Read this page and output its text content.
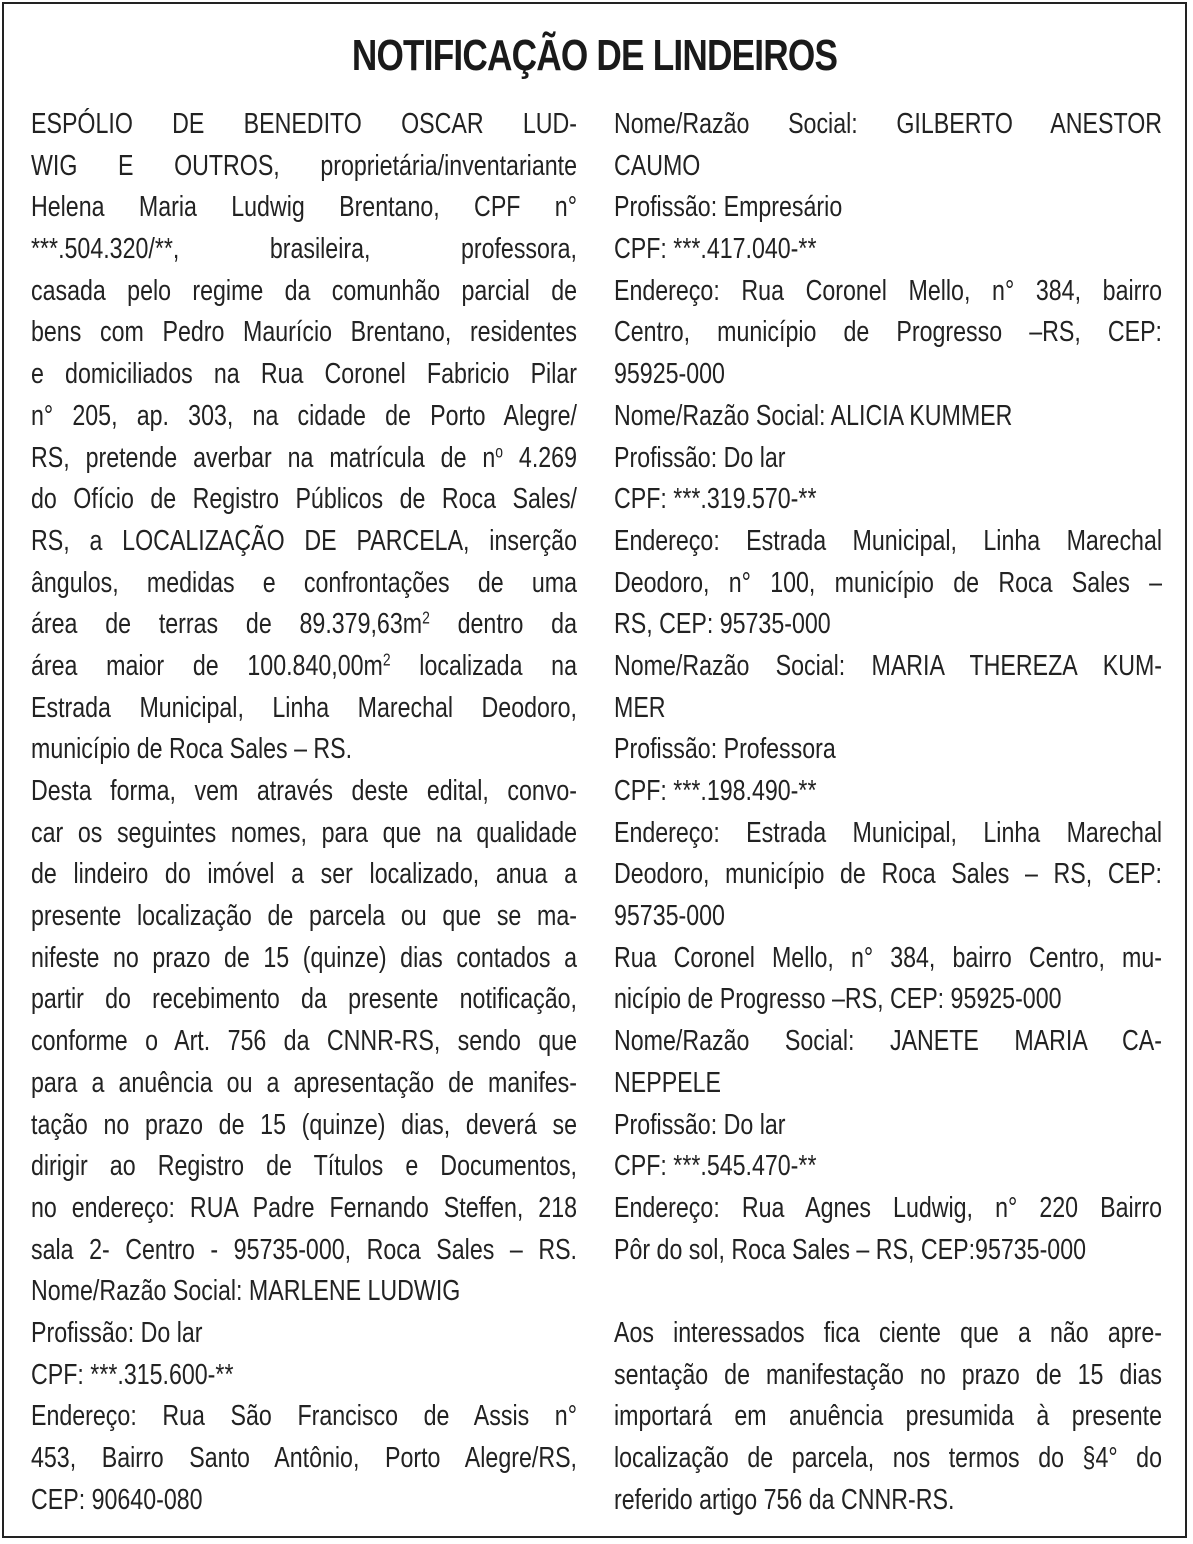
NOTIFICAÇÃO DE LINDEIROS
ESPÓLIO DE BENEDITO OSCAR LUD-
WIG E OUTROS, proprietária/inventariante
Helena Maria Ludwig Brentano, CPF n°
***.504.320/**, brasileira, professora,
casada pelo regime da comunhão parcial de
bens com Pedro Maurício Brentano, residentes
e domiciliados na Rua Coronel Fabricio Pilar
n° 205, ap. 303, na cidade de Porto Alegre/
RS, pretende averbar na matrícula de $n^o$ 4.269
do Ofício de Registro Públicos de Roca Sales/
RS, a LOCALIZAÇÃO DE PARCELA, inserção
ângulos, medidas e confrontações de uma
área de terras de $89.379,63m^2$ dentro da
área maior de $100.840,00m^2$ localizada na
Estrada Municipal, Linha Marechal Deodoro,
município de Roca Sales – RS.
Desta forma, vem através deste edital, convo-
car os seguintes nomes, para que na qualidade
de lindeiro do imóvel a ser localizado, anua a
presente localização de parcela ou que se ma-
nifeste no prazo de 15 (quinze) dias contados a
partir do recebimento da presente notificação,
conforme o Art. 756 da CNNR-RS, sendo que
para a anuência ou a apresentação de manifes-
tação no prazo de 15 (quinze) dias, deverá se
dirigir ao Registro de Títulos e Documentos,
no endereço: RUA Padre Fernando Steffen, 218
sala 2- Centro - 95735-000, Roca Sales – RS.
Nome/Razão Social: MARLENE LUDWIG
Profissão: Do lar
CPF: ***.315.600-**
Endereço: Rua São Francisco de Assis n°
453, Bairro Santo Antônio, Porto Alegre/RS,
CEP: 90640-080
Nome/Razão Social: GILBERTO ANESTOR
CAUMO
Profissão: Empresário
CPF: ***.417.040-**
Endereço: Rua Coronel Mello, n° 384, bairro
Centro, município de Progresso –RS, CEP:
95925-000
Nome/Razão Social: ALICIA KUMMER
Profissão: Do lar
CPF: ***.319.570-**
Endereço: Estrada Municipal, Linha Marechal
Deodoro, n° 100, município de Roca Sales –
RS, CEP: 95735-000
Nome/Razão Social: MARIA THEREZA KUM-
MER
Profissão: Professora
CPF: ***.198.490-**
Endereço: Estrada Municipal, Linha Marechal
Deodoro, município de Roca Sales – RS, CEP:
95735-000
Rua Coronel Mello, n° 384, bairro Centro, mu-
nicípio de Progresso –RS, CEP: 95925-000
Nome/Razão Social: JANETE MARIA CA-
NEPPELE
Profissão: Do lar
CPF: ***.545.470-**
Endereço: Rua Agnes Ludwig, n° 220 Bairro
Pôr do sol, Roca Sales – RS, CEP:95735-000
Aos interessados fica ciente que a não apre-
sentação de manifestação no prazo de 15 dias
importará em anuência presumida à presente
localização de parcela, nos termos do §4° do
referido artigo 756 da CNNR-RS.
